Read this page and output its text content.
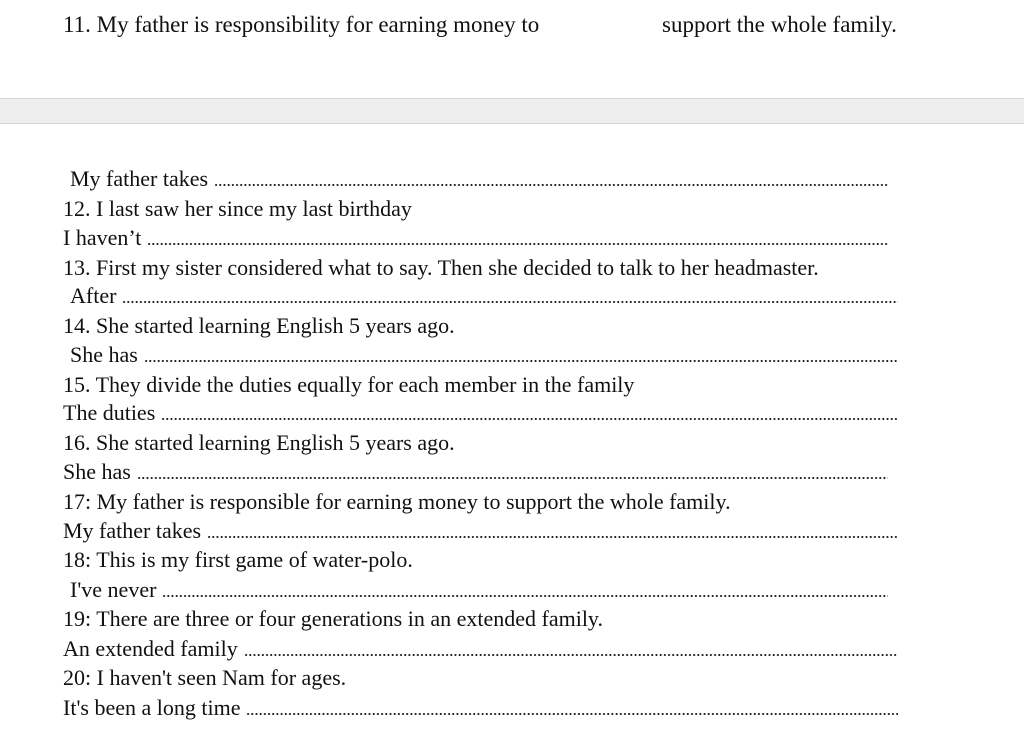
11. My father is responsibility for earning money to	support the whole family.
My father takes
12. I last saw her since my last birthday
I haven’t
13. First my sister considered what to say. Then she decided to talk to her headmaster.
After
14. She started learning English 5 years ago.
She has
15. They divide the duties equally for each member in the family
The duties
16. She started learning English 5 years ago.
She has
17: My father is responsible for earning money to support the whole family.
My father takes
18: This is my first game of water-polo.
I've never
19: There are three or four generations in an extended family.
An extended family
20: I haven't seen Nam for ages.
It's been a long time
